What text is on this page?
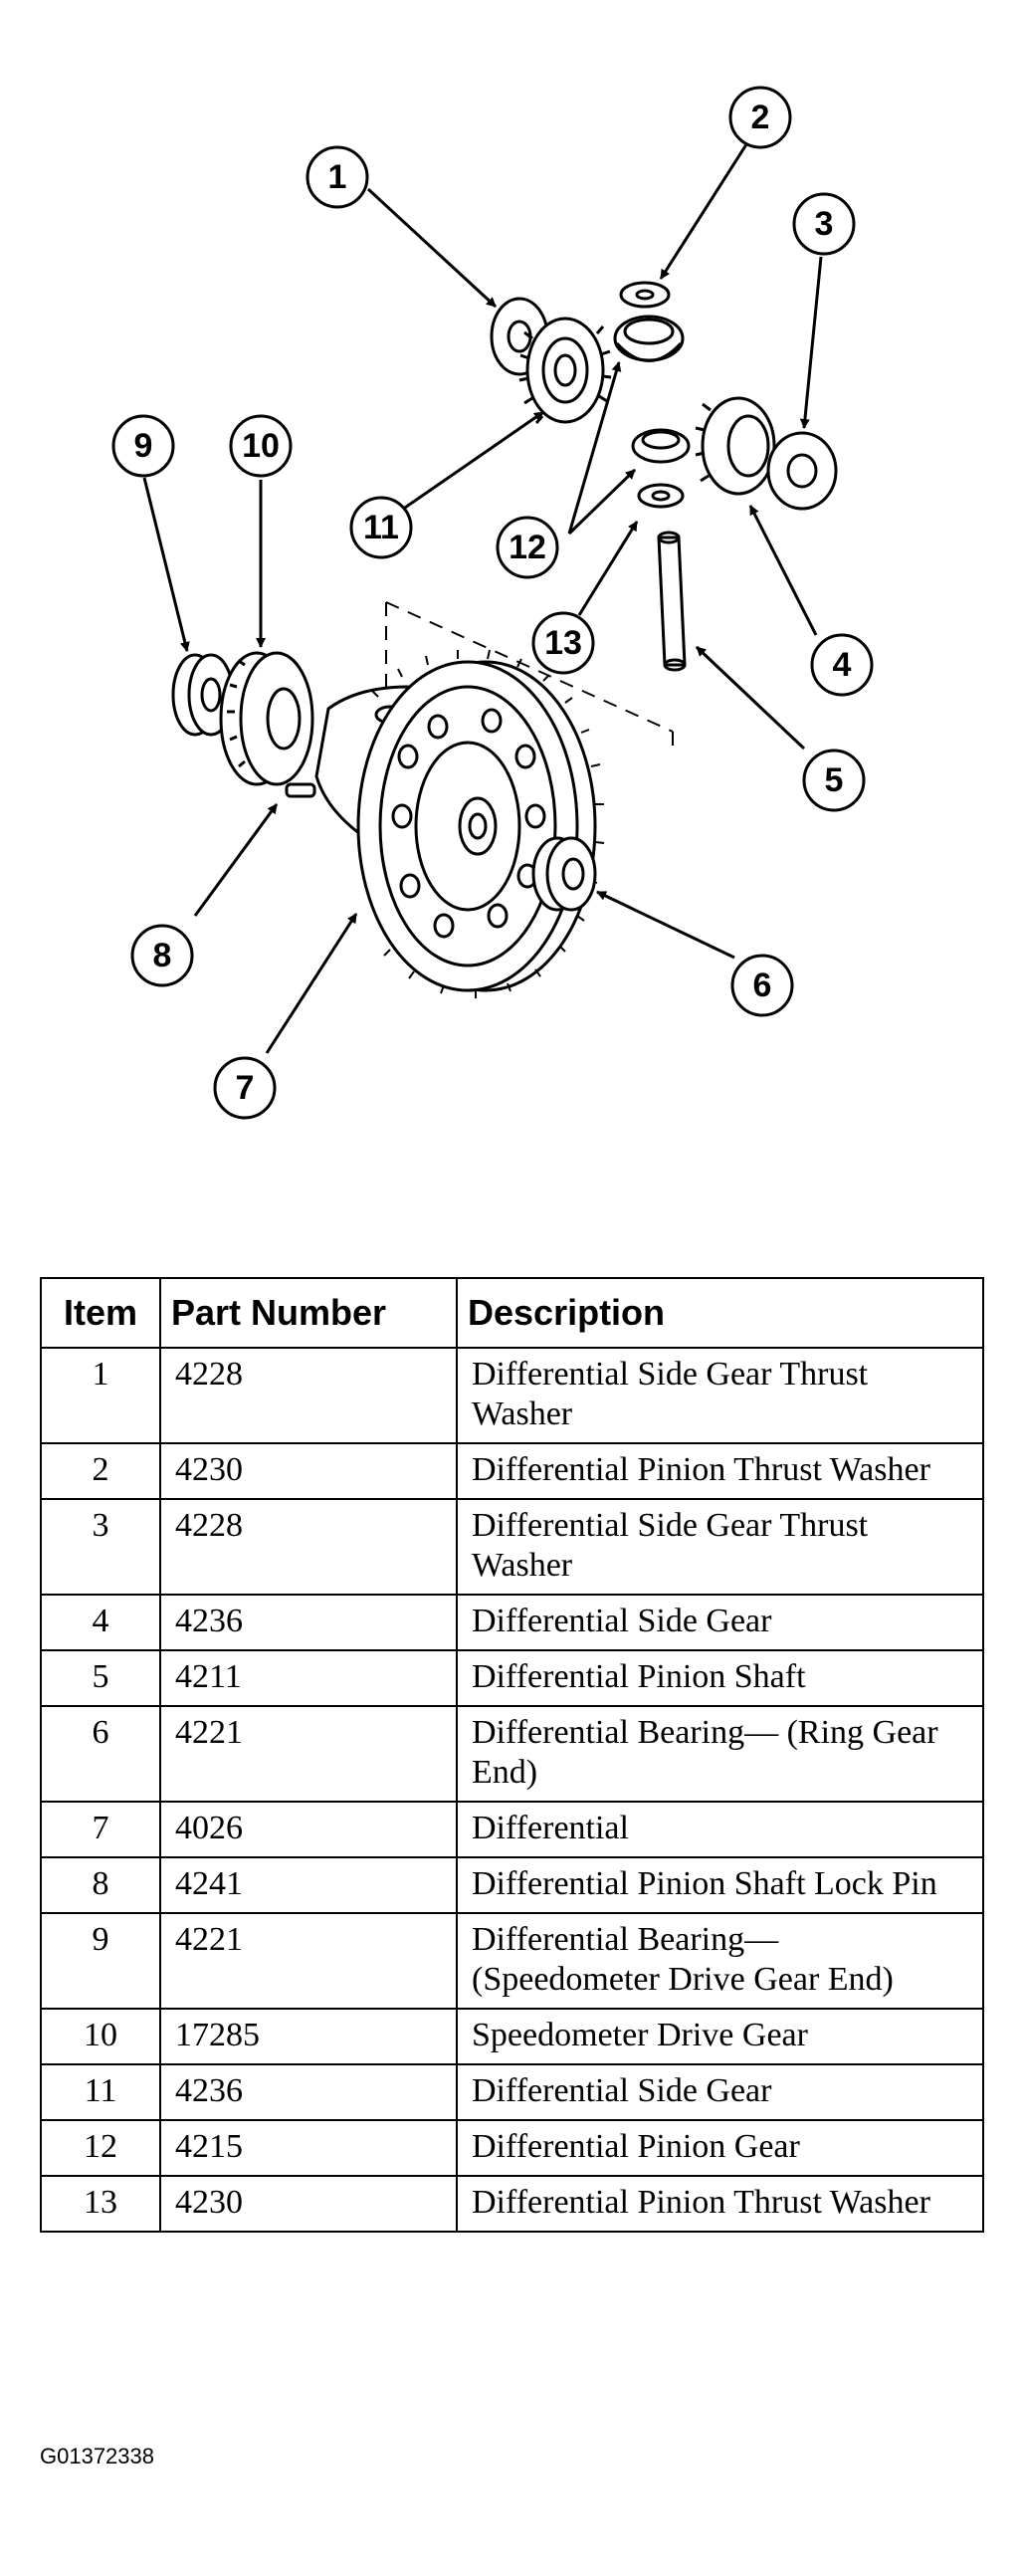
1
2
3
4
5
6
7
8
9	10
11
12
13
Item	Part Number	Description
1	4228	Differential Side Gear Thrust Washer
2	4230	Differential Pinion Thrust Washer
3	4228	Differential Side Gear Thrust Washer
4	4236	Differential Side Gear
5	4211	Differential Pinion Shaft
6	4221	Differential Bearing— (Ring Gear End)
7	4026	Differential
8	4241	Differential Pinion Shaft Lock Pin
9	4221	Differential Bearing— (Speedometer Drive Gear End)
10	17285	Speedometer Drive Gear
11	4236	Differential Side Gear
12	4215	Differential Pinion Gear
13	4230	Differential Pinion Thrust Washer
G01372338
